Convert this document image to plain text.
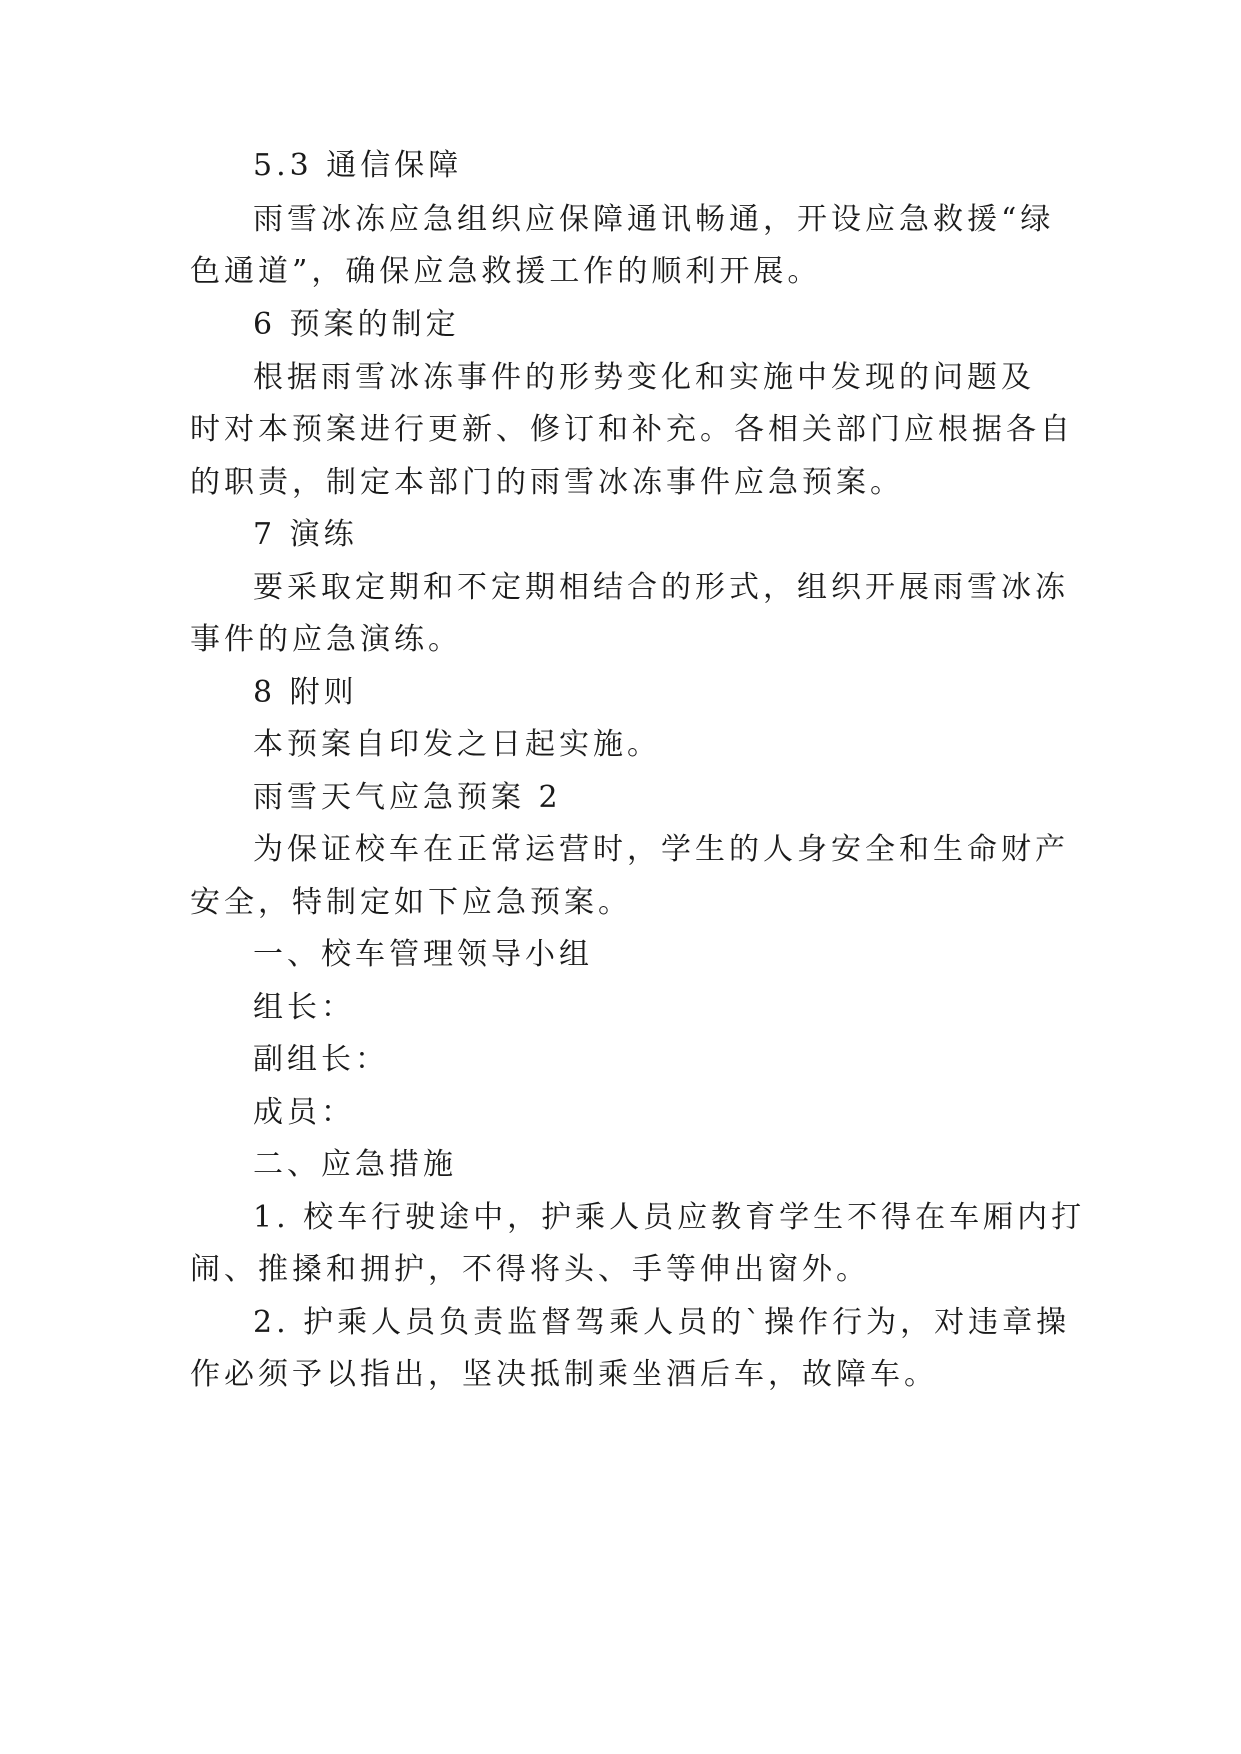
5.3 通信保障
雨雪冰冻应急组织应保障通讯畅通，开设应急救援“绿
色通道”，确保应急救援工作的顺利开展。
6 预案的制定
根据雨雪冰冻事件的形势变化和实施中发现的问题及
时对本预案进行更新、修订和补充。各相关部门应根据各自
的职责，制定本部门的雨雪冰冻事件应急预案。
7 演练
要采取定期和不定期相结合的形式，组织开展雨雪冰冻
事件的应急演练。
8 附则
本预案自印发之日起实施。
雨雪天气应急预案 2
为保证校车在正常运营时，学生的人身安全和生命财产
安全，特制定如下应急预案。
一、校车管理领导小组
组长：
副组长：
成员：
二、应急措施
1. 校车行驶途中，护乘人员应教育学生不得在车厢内打
闹、推搡和拥护，不得将头、手等伸出窗外。
2. 护乘人员负责监督驾乘人员的`操作行为，对违章操
作必须予以指出，坚决抵制乘坐酒后车，故障车。
